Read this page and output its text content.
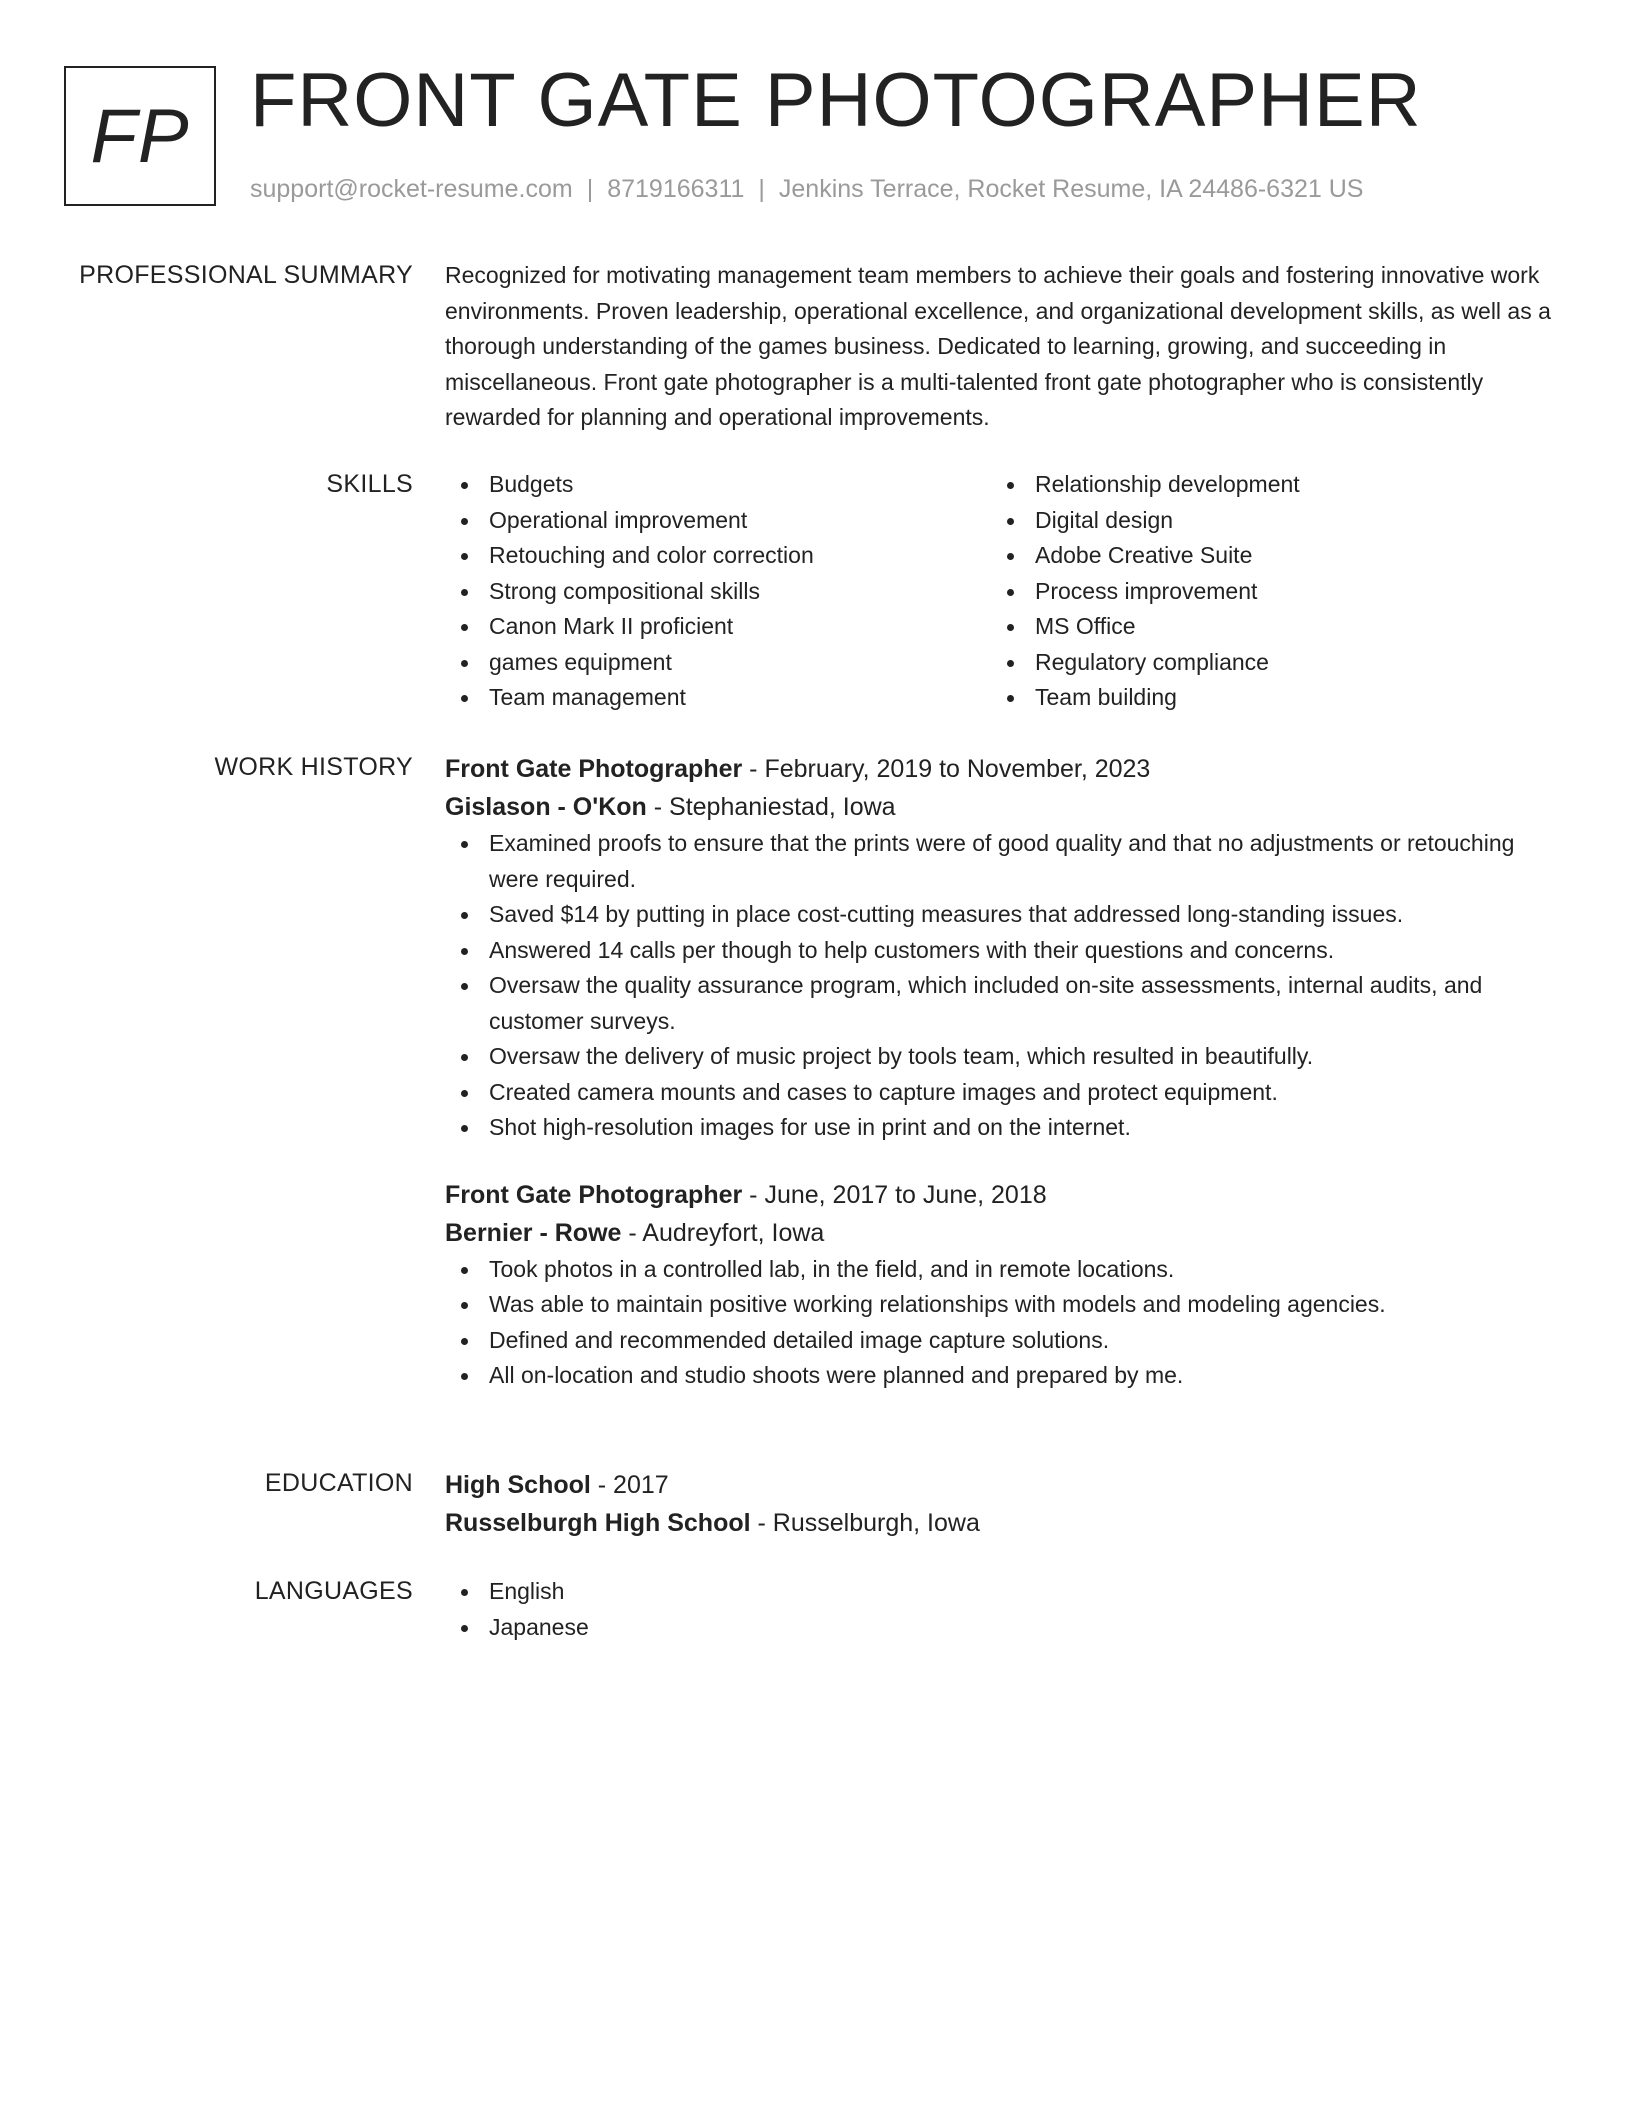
FP FRONT GATE PHOTOGRAPHER
support@rocket-resume.com | 8719166311 | Jenkins Terrace, Rocket Resume, IA 24486-6321 US
PROFESSIONAL SUMMARY Recognized for motivating management team members to achieve their goals and fostering innovative work environments. Proven leadership, operational excellence, and organizational development skills, as well as a thorough understanding of the games business. Dedicated to learning, growing, and succeeding in miscellaneous. Front gate photographer is a multi-talented front gate photographer who is consistently rewarded for planning and operational improvements.

SKILLS	Budgets
Operational improvement
Retouching and color correction
Strong compositional skills
Canon Mark II proficient
games equipment
Team management
Relationship development
Digital design
Adobe Creative Suite
Process improvement
MS Office
Regulatory compliance
Team building
WORK HISTORY Front Gate Photographer - February, 2019 to November, 2023
Gislason - O'Kon - Stephaniestad, Iowa
Examined proofs to ensure that the prints were of good quality and that no adjustments or retouching were required.
Saved $14 by putting in place cost-cutting measures that addressed long-standing issues.
Answered 14 calls per though to help customers with their questions and concerns.
Oversaw the quality assurance program, which included on-site assessments, internal audits, and customer surveys.
Oversaw the delivery of music project by tools team, which resulted in beautifully.
Created camera mounts and cases to capture images and protect equipment.
Shot high-resolution images for use in print and on the internet.
Front Gate Photographer - June, 2017 to June, 2018
Bernier - Rowe - Audreyfort, Iowa
Took photos in a controlled lab, in the field, and in remote locations.
Was able to maintain positive working relationships with models and modeling agencies.
Defined and recommended detailed image capture solutions.
All on-location and studio shoots were planned and prepared by me.
EDUCATION High School - 2017
Russelburgh High School - Russelburgh, Iowa
LANGUAGES	English
Japanese
